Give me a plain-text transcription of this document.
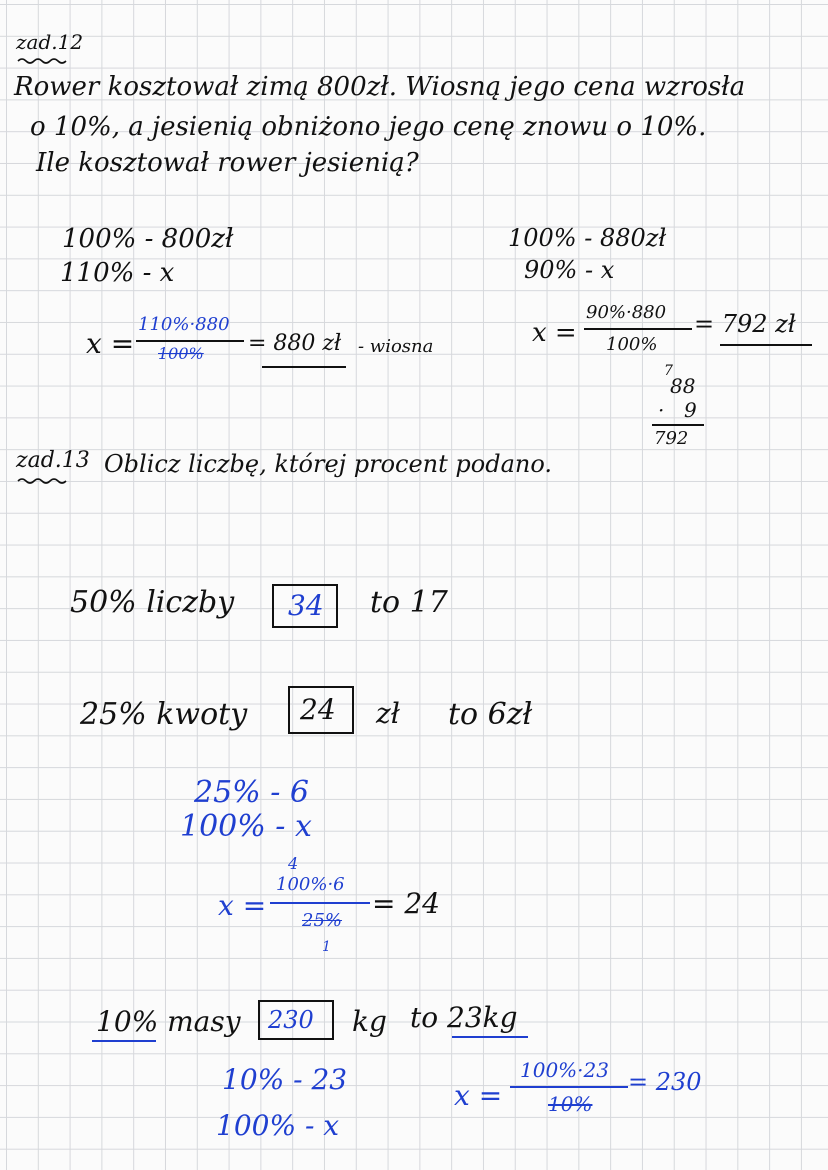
zad.12
Rower kosztował zimą 800zł. Wiosną jego cena wzrosła
o 10%, a jesienią obniżono jego cenę znowu o 10%.
Ile kosztował rower jesienią?
100% - 800zł
110% - x
x =
110%·880
100% = 880 zł - wiosna
100% - 880zł
90% - x
x =
90%·880
100%
= 792 zł
7
88
· 9
792
zad.13 Oblicz liczbę, której procent podano.
50% liczby 34 to 17
25% kwoty 24 zł to 6zł
25% - 6
100% - x
4
x =
100%·6
25%
1
= 24
10% masy 230 kg to 23kg
10% - 23
100% - x
x =
100%·23
10%
= 230
